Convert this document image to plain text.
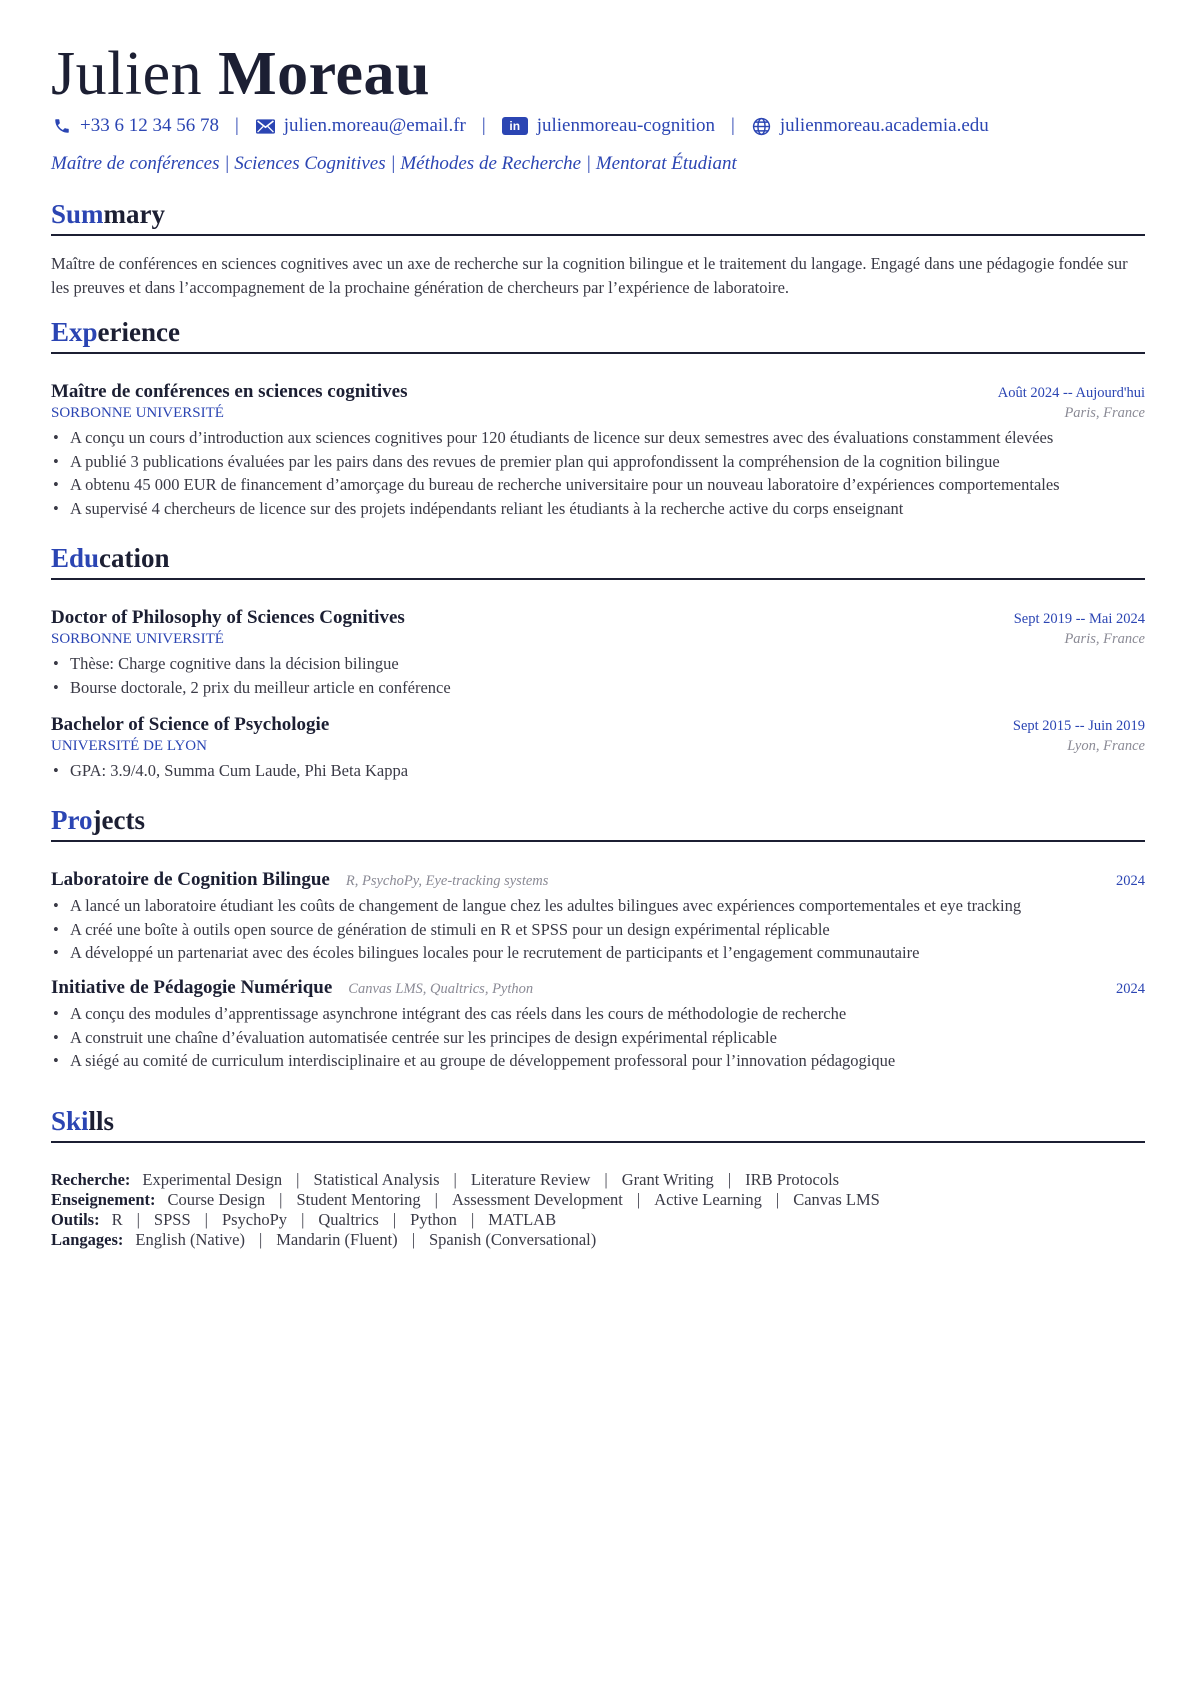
Julien Moreau
+33 6 12 34 56 78 | julien.moreau@email.fr |	in julienmoreau-cognition | julienmoreau.academia.edu
Maître de conférences | Sciences Cognitives | Méthodes de Recherche | Mentorat Étudiant
Summary
Maître de conférences en sciences cognitives avec un axe de recherche sur la cognition bilingue et le traitement du langage. Engagé dans une pédagogie fondée sur les preuves et dans l’accompagnement de la prochaine génération de chercheurs par l’expérience de laboratoire.
Experience
Maître de conférences en sciences cognitives	Août 2024 -- Aujourd'hui
SORBONNE UNIVERSITÉ	Paris, France
• A conçu un cours d’introduction aux sciences cognitives pour 120 étudiants de licence sur deux semestres avec des évaluations constamment élevées
• A publié 3 publications évaluées par les pairs dans des revues de premier plan qui approfondissent la compréhension de la cognition bilingue
• A obtenu 45 000 EUR de financement d’amorçage du bureau de recherche universitaire pour un nouveau laboratoire d’expériences comportementales
• A supervisé 4 chercheurs de licence sur des projets indépendants reliant les étudiants à la recherche active du corps enseignant
Education
Doctor of Philosophy of Sciences Cognitives	Sept 2019 -- Mai 2024
SORBONNE UNIVERSITÉ	Paris, France
• Thèse: Charge cognitive dans la décision bilingue
• Bourse doctorale, 2 prix du meilleur article en conférence
Bachelor of Science of Psychologie	Sept 2015 -- Juin 2019
UNIVERSITÉ DE LYON	Lyon, France
• GPA: 3.9/4.0, Summa Cum Laude, Phi Beta Kappa
Projects
Laboratoire de Cognition Bilingue R, PsychoPy, Eye-tracking systems	2024
• A lancé un laboratoire étudiant les coûts de changement de langue chez les adultes bilingues avec expériences comportementales et eye tracking
• A créé une boîte à outils open source de génération de stimuli en R et SPSS pour un design expérimental réplicable
• A développé un partenariat avec des écoles bilingues locales pour le recrutement de participants et l’engagement communautaire
Initiative de Pédagogie Numérique Canvas LMS, Qualtrics, Python	2024
• A conçu des modules d’apprentissage asynchrone intégrant des cas réels dans les cours de méthodologie de recherche
• A construit une chaîne d’évaluation automatisée centrée sur les principes de design expérimental réplicable
• A siégé au comité de curriculum interdisciplinaire et au groupe de développement professoral pour l’innovation pédagogique
Skills
Recherche: Experimental Design | Statistical Analysis | Literature Review | Grant Writing | IRB Protocols
Enseignement: Course Design | Student Mentoring | Assessment Development | Active Learning | Canvas LMS
Outils: R | SPSS | PsychoPy | Qualtrics | Python | MATLAB
Langages: English (Native) | Mandarin (Fluent) | Spanish (Conversational)
